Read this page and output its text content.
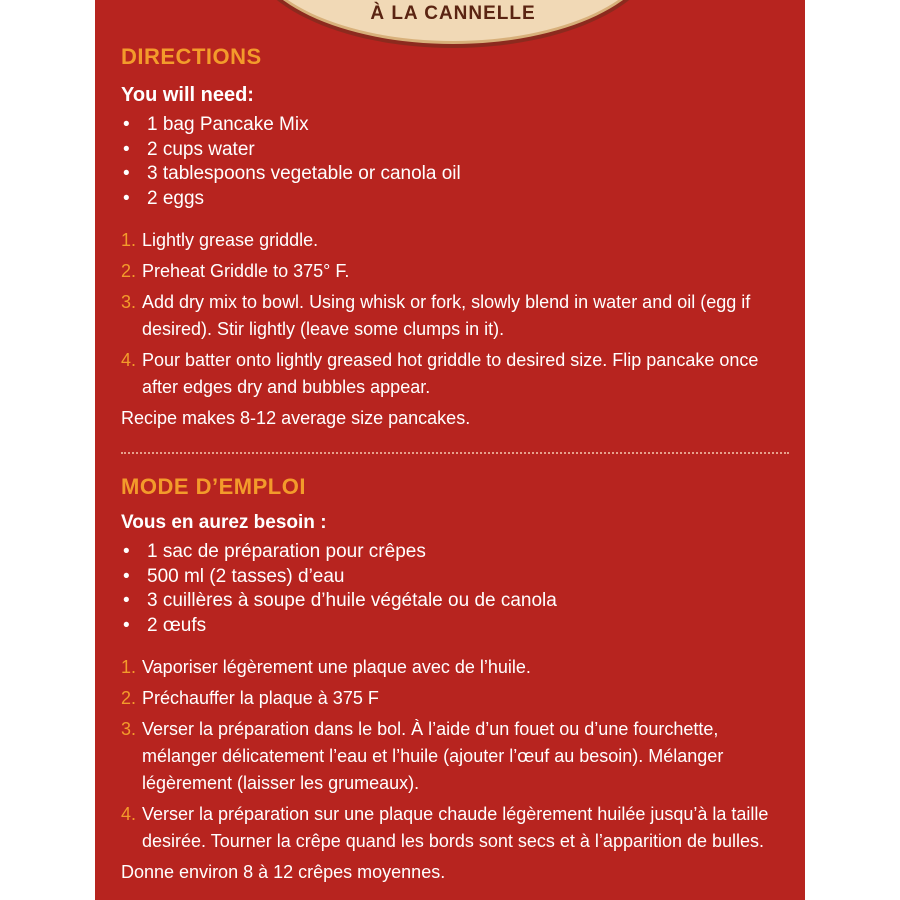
À LA CANNELLE
DIRECTIONS
You will need:
• 1 bag Pancake Mix
• 2 cups water
• 3 tablespoons vegetable or canola oil
• 2 eggs
1. Lightly grease griddle.
2. Preheat Griddle to 375° F.
3. Add dry mix to bowl. Using whisk or fork, slowly blend in water and oil (egg if desired). Stir lightly (leave some clumps in it).
4. Pour batter onto lightly greased hot griddle to desired size. Flip pancake once after edges dry and bubbles appear.

Recipe makes 8-12 average size pancakes.

MODE D’EMPLOI
Vous en aurez besoin :
• 1 sac de préparation pour crêpes
• 500 ml (2 tasses) d’eau
• 3 cuillères à soupe d’huile végétale ou de canola
• 2 œufs
1. Vaporiser légèrement une plaque avec de l’huile.
2. Préchauffer la plaque à 375 F
3. Verser la préparation dans le bol. À l’aide d’un fouet ou d’une fourchette, mélanger délicatement l’eau et l’huile (ajouter l’œuf au besoin). Mélanger légèrement (laisser les grumeaux).
4. Verser la préparation sur une plaque chaude légèrement huilée jusqu’à la taille desirée. Tourner la crêpe quand les bords sont secs et à l’apparition de bulles.

Donne environ 8 à 12 crêpes moyennes.
